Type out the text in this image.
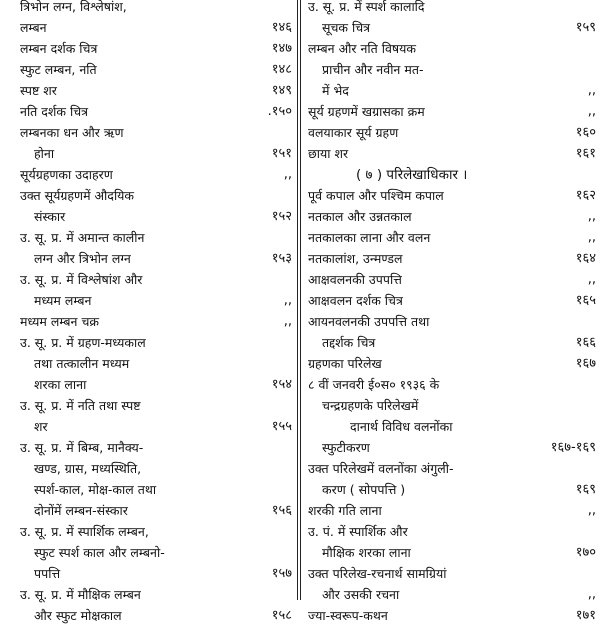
त्रिभोन लग्न, विश्लेषांश,
लम्बन	१४६
लम्बन दर्शक चित्र	१४७
स्फुट लम्बन, नति	१४८
स्पष्ट शर	१४९
नति दर्शक चित्र	.१५०
लम्बनका धन और ऋण
होना	१५१
सूर्यग्रहणका उदाहरण	,,
उक्त सूर्यग्रहणमें औदयिक
संस्कार	१५२
उ. सू. प्र. में अमान्त कालीन
लग्न और त्रिभोन लग्न	१५३
उ. सू. प्र. में विश्लेषांश और
मध्यम लम्बन	,,
मध्यम लम्बन चक्र	,,
उ. सू. प्र. में ग्रहण-मध्यकाल
तथा तत्कालीन मध्यम
शरका लाना	१५४
उ. सू. प्र. में नति तथा स्पष्ट
शर	१५५
उ. सू. प्र. में बिम्ब, मानैक्य-
खण्ड, ग्रास, मध्यस्थिति,
स्पर्श-काल, मोक्ष-काल तथा
दोनोंमें लम्बन-संस्कार	१५६
उ. सू. प्र. में स्पार्शिक लम्बन,
स्फुट स्पर्श काल और लम्बनो-
पपत्ति	१५७
उ. सू. प्र. में मौक्षिक लम्बन
और स्फुट मोक्षकाल	१५८
उ. सू. प्र. में स्पर्श कालादि
सूचक चित्र	१५९
लम्बन और नति विषयक
प्राचीन और नवीन मत-
में भेद	,,
सूर्य ग्रहणमें खग्रासका क्रम	,,
वलयाकार सूर्य ग्रहण	१६०
छाया शर	१६१
( ७ ) परिलेखाधिकार ।
पूर्व कपाल और पश्चिम कपाल	१६२
नतकाल और उन्नतकाल	,,
नतकालका लाना और वलन	,,
नतकालांश, उन्मण्डल	१६४
आक्षवलनकी उपपत्ति	,,
आक्षवलन दर्शक चित्र	१६५
आयनवलनकी उपपत्ति तथा
तद्दर्शक चित्र	१६६
ग्रहणका परिलेख	१६७
८ वीं जनवरी ई०स० १९३६ के
चन्द्रग्रहणके परिलेखमें
दानार्थ विविध वलनोंका
स्फुटीकरण	१६७-१६९
उक्त परिलेखमें वलनोंका अंगुली-
करण ( सोपपत्ति )	१६९
शरकी गति लाना	,,
उ. पं. में स्पार्शिक और
मौक्षिक शरका लाना	१७०
उक्त परिलेख-रचनार्थ सामग्रियां
और उसकी रचना	,,
ज्या-स्वरूप-कथन	१७१
